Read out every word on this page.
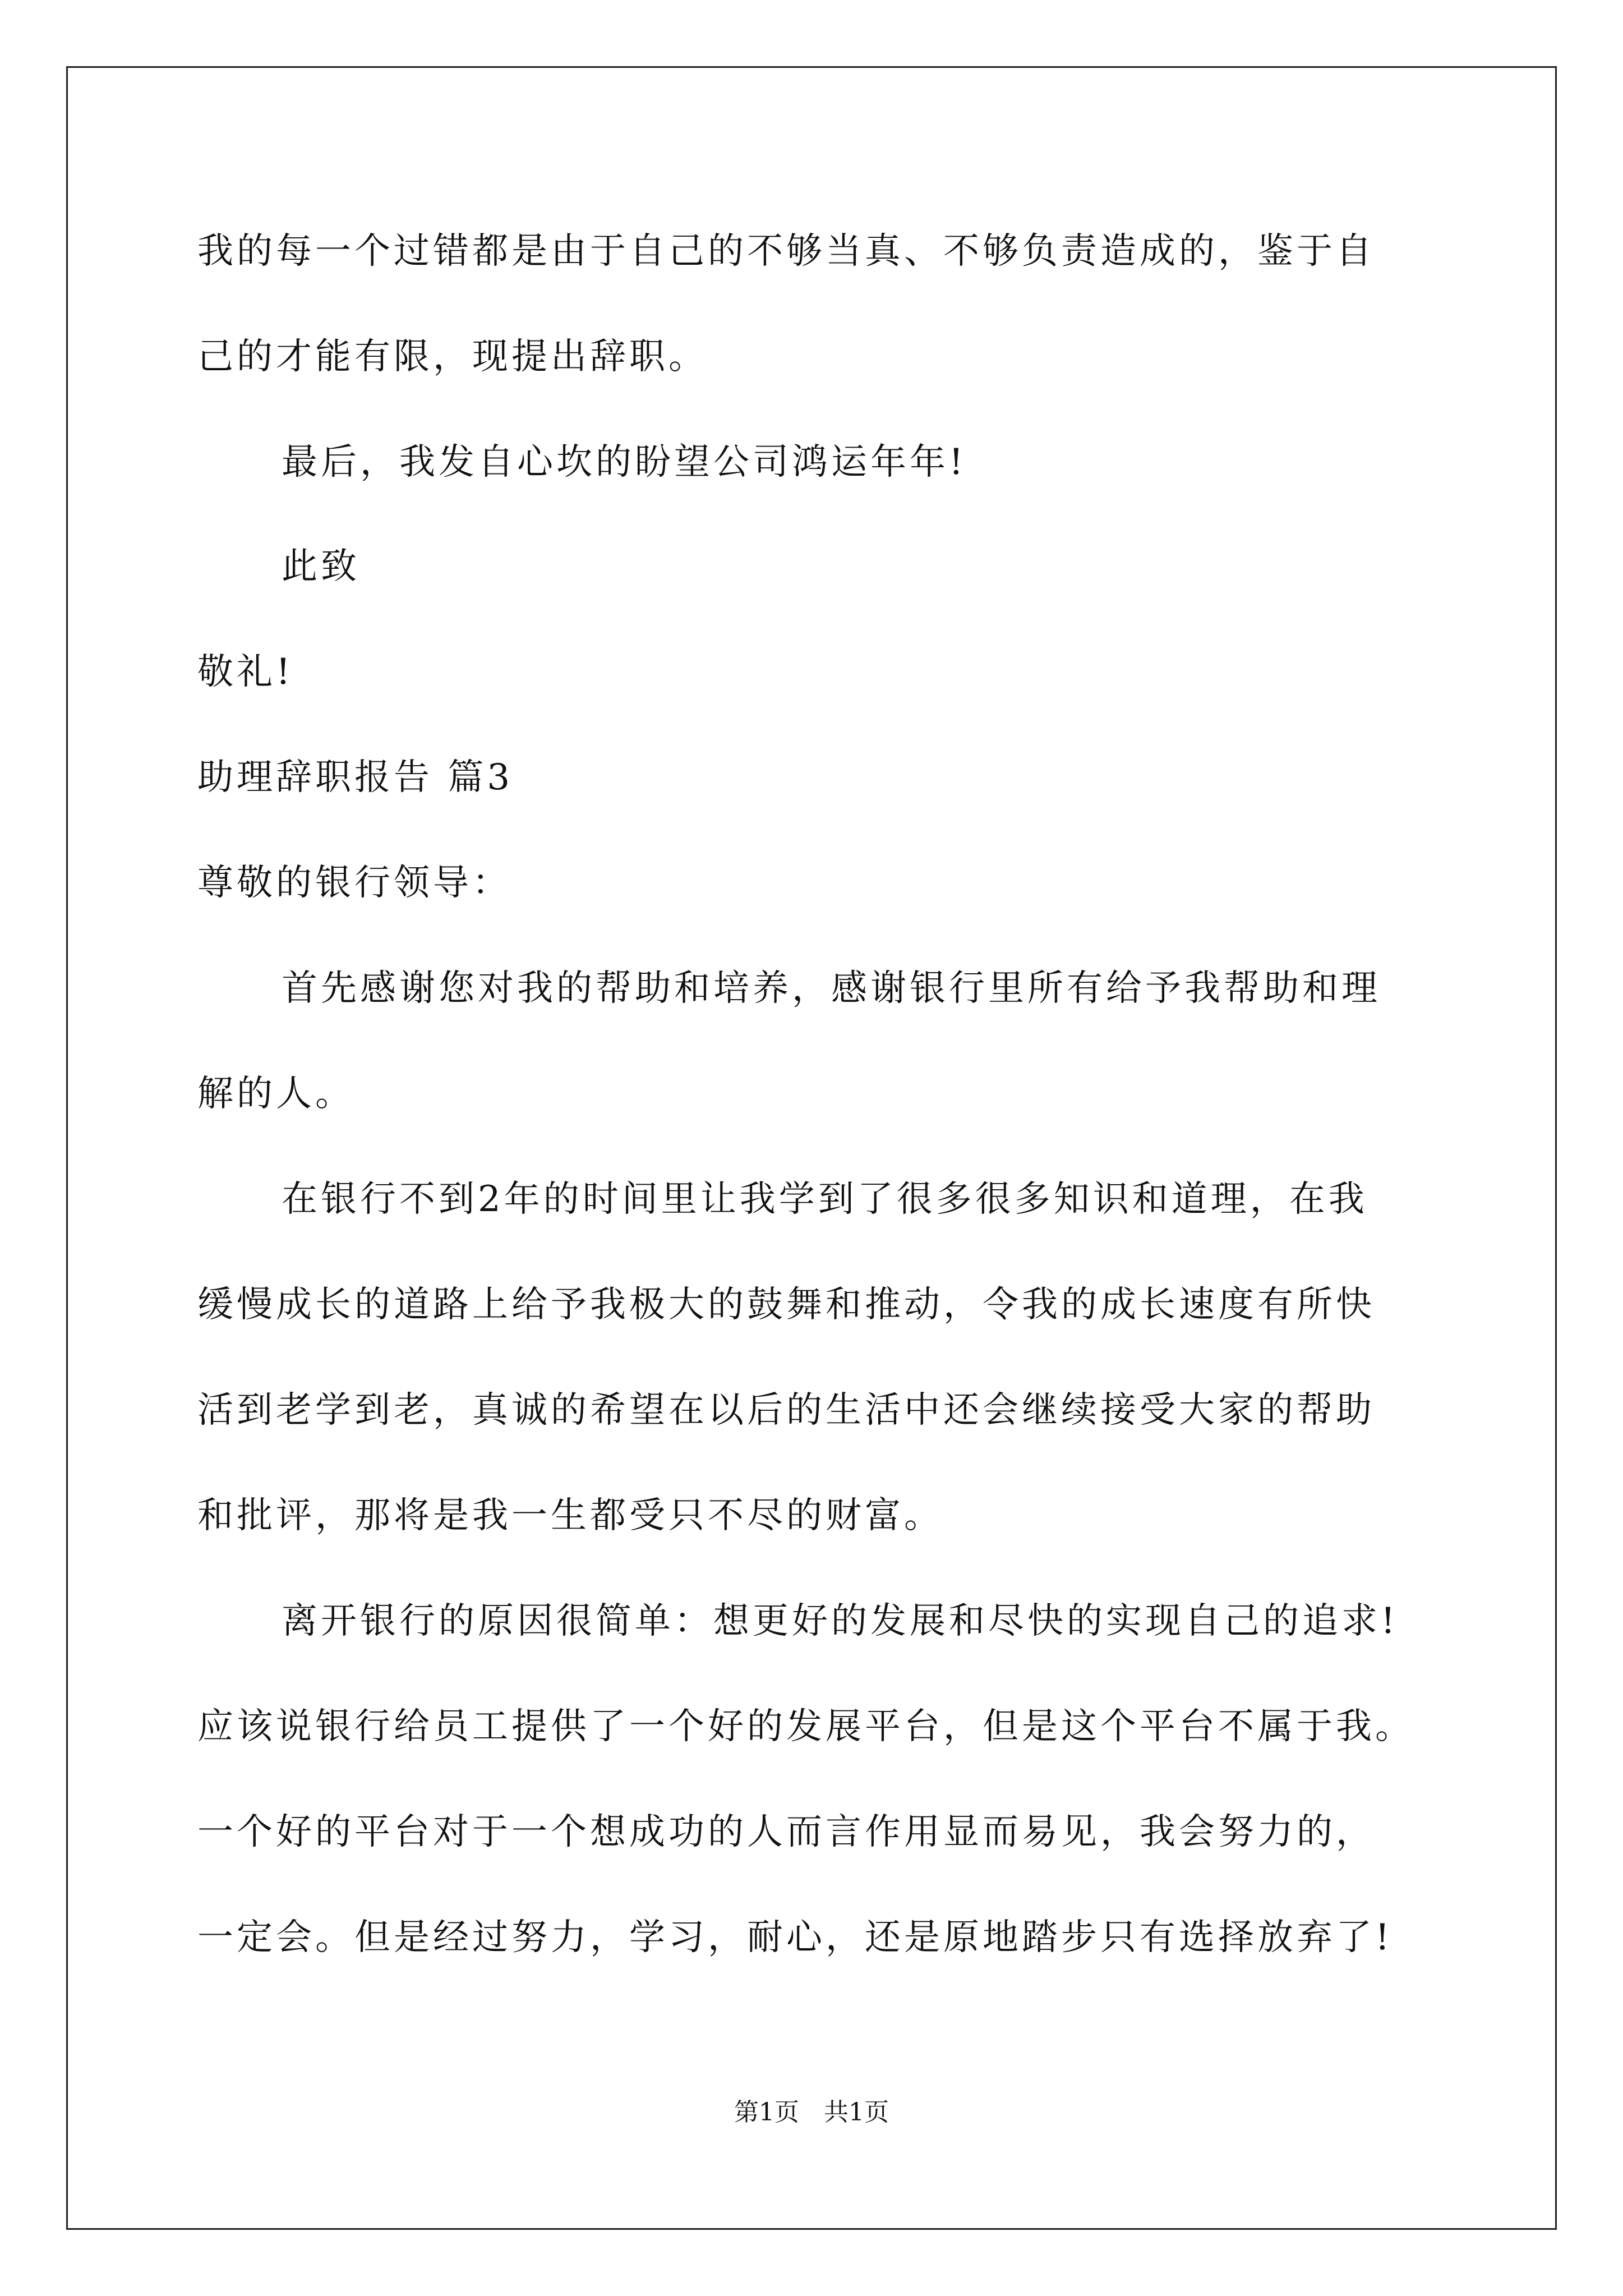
我的每一个过错都是由于自己的不够当真、不够负责造成的，鉴于自
己的才能有限，现提出辞职。
最后，我发自心坎的盼望公司鸿运年年!
此致
敬礼!
助理辞职报告 篇3
尊敬的银行领导：
首先感谢您对我的帮助和培养，感谢银行里所有给予我帮助和理
解的人。
在银行不到2年的时间里让我学到了很多很多知识和道理，在我
缓慢成长的道路上给予我极大的鼓舞和推动，令我的成长速度有所快
活到老学到老，真诚的希望在以后的生活中还会继续接受大家的帮助
和批评，那将是我一生都受只不尽的财富。
离开银行的原因很简单：想更好的发展和尽快的实现自己的追求!
应该说银行给员工提供了一个好的发展平台，但是这个平台不属于我。
一个好的平台对于一个想成功的人而言作用显而易见，我会努力的，
一定会。但是经过努力，学习，耐心，还是原地踏步只有选择放弃了!
第1页　共1页
